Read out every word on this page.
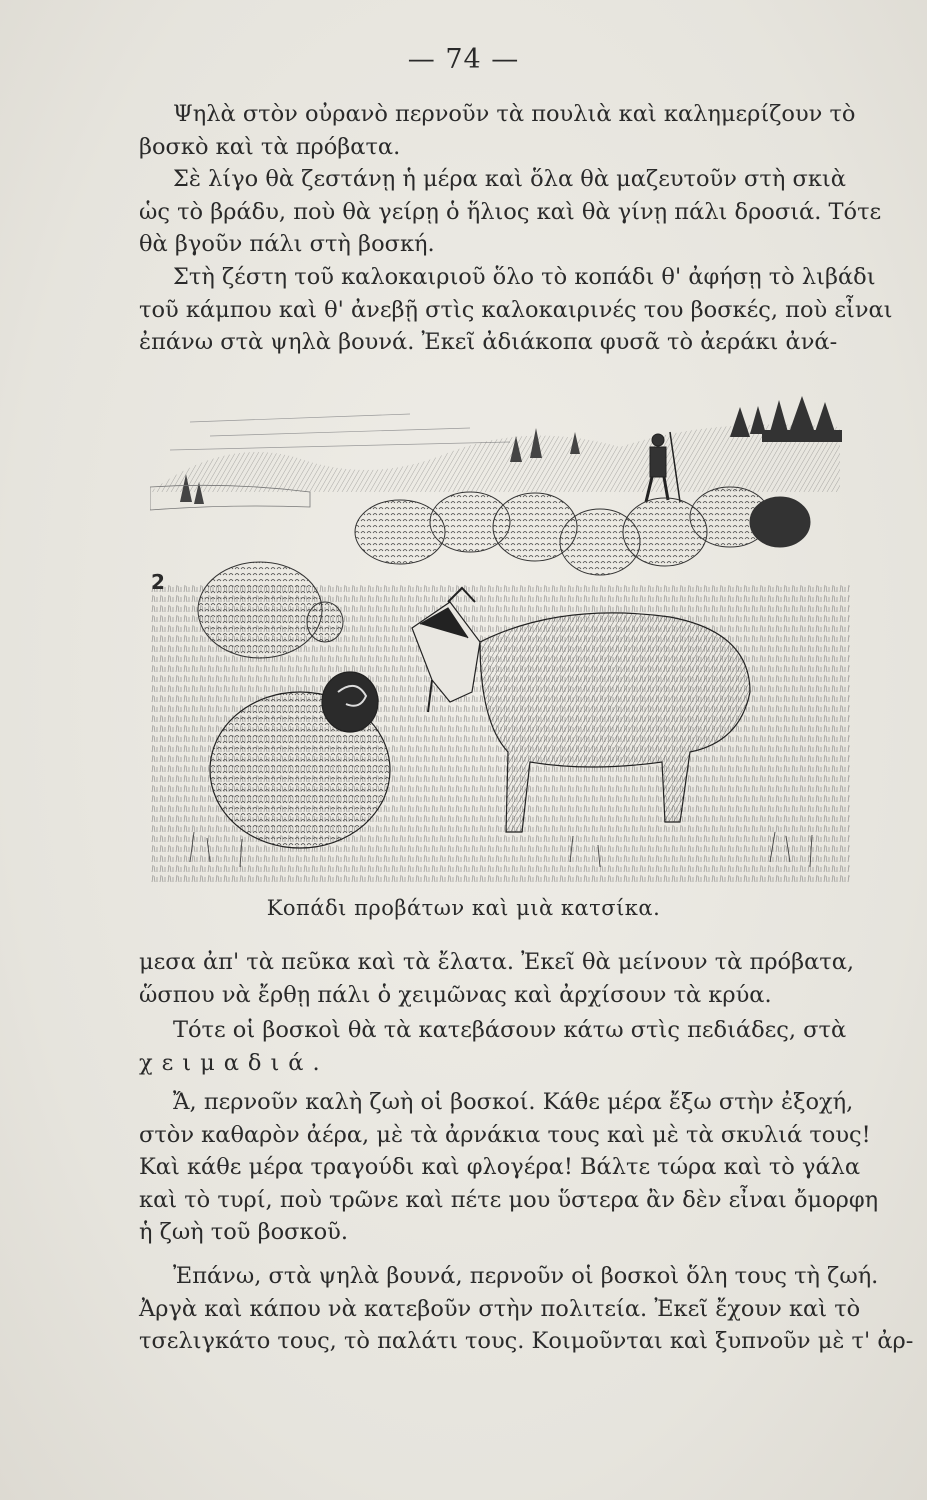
— 74 —

Ψηλὰ στὸν οὐρανὸ περνοῦν τὰ πουλιὰ καὶ καλημερίζουν τὸ
βοσκὸ καὶ τὰ πρόβατα.

Σὲ λίγο θὰ ζεστάνῃ ἡ μέρα καὶ ὅλα θὰ μαζευτοῦν στὴ σκιὰ
ὡς τὸ βράδυ, ποὺ θὰ γείρῃ ὁ ἥλιος καὶ θὰ γίνῃ πάλι δροσιά. Τότε
θὰ βγοῦν πάλι στὴ βοσκή.

Στὴ ζέστη τοῦ καλοκαιριοῦ ὅλο τὸ κοπάδι θ' ἀφήσῃ τὸ λιβάδι
τοῦ κάμπου καὶ θ' ἀνεβῇ στὶς καλοκαιρινές του βοσκές, ποὺ εἶναι
ἐπάνω στὰ ψηλὰ βουνά. Ἐκεῖ ἀδιάκοπα φυσᾶ τὸ ἀεράκι ἀνά-

2
Κοπάδι προβάτων καὶ μιὰ κατσίκα.

μεσα ἀπ' τὰ πεῦκα καὶ τὰ ἔλατα. Ἐκεῖ θὰ μείνουν τὰ πρόβατα,
ὥσπου νὰ ἔρθῃ πάλι ὁ χειμῶνας καὶ ἀρχίσουν τὰ κρύα.

Τότε οἱ βοσκοὶ θὰ τὰ κατεβάσουν κάτω στὶς πεδιάδες, στὰ
χειμαδιά.

Ἄ, περνοῦν καλὴ ζωὴ οἱ βοσκοί. Κάθε μέρα ἔξω στὴν ἐξοχή,
στὸν καθαρὸν ἀέρα, μὲ τὰ ἀρνάκια τους καὶ μὲ τὰ σκυλιά τους!
Καὶ κάθε μέρα τραγούδι καὶ φλογέρα! Βάλτε τώρα καὶ τὸ γάλα
καὶ τὸ τυρί, ποὺ τρῶνε καὶ πέτε μου ὕστερα ἂν δὲν εἶναι ὄμορφη
ἡ ζωὴ τοῦ βοσκοῦ.

Ἐπάνω, στὰ ψηλὰ βουνά, περνοῦν οἱ βοσκοὶ ὅλη τους τὴ ζωή.
Ἀργὰ καὶ κάπου νὰ κατεβοῦν στὴν πολιτεία. Ἐκεῖ ἔχουν καὶ τὸ
τσελιγκάτο τους, τὸ παλάτι τους. Κοιμοῦνται καὶ ξυπνοῦν μὲ τ' ἀρ-
